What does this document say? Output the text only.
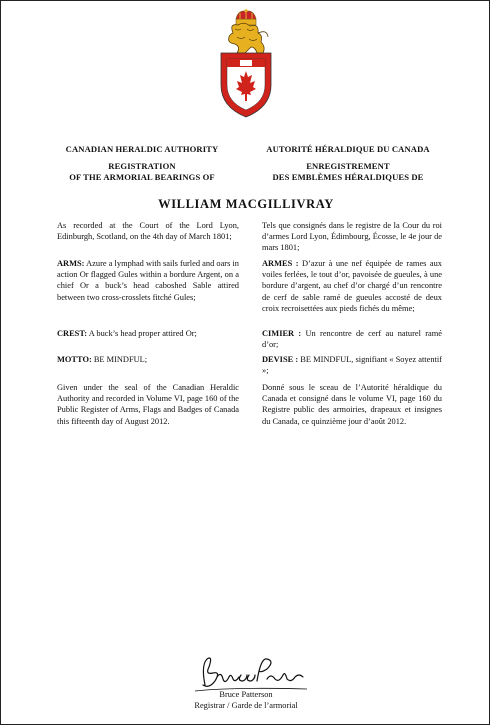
CANADIAN HERALDIC AUTHORITY
REGISTRATION
OF THE ARMORIAL BEARINGS OF
AUTORITÉ HÉRALDIQUE DU CANADA
ENREGISTREMENT
DES EMBLÈMES HÉRALDIQUES DE
WILLIAM MACGILLIVRAY
As recorded at the Court of the Lord Lyon, Edinburgh, Scotland, on the 4th day of March 1801;
ARMS: Azure a lymphad with sails furled and oars in action Or flagged Gules within a bordure Argent, on a chief Or a buck’s head caboshed Sable attired between two cross-crosslets fitché Gules;
CREST: A buck’s head proper attired Or;
MOTTO: BE MINDFUL;
Given under the seal of the Canadian Heraldic Authority and recorded in Volume VI, page 160 of the Public Register of Arms, Flags and Badges of Canada this fifteenth day of August 2012.
Tels que consignés dans le registre de la Cour du roi d’armes Lord Lyon, Édimbourg, Écosse, le 4e jour de mars 1801;
ARMES : D’azur à une nef équipée de rames aux voiles ferlées, le tout d’or, pavoisée de gueules, à une bordure d’argent, au chef d’or chargé d’un rencontre de cerf de sable ramé de gueules accosté de deux croix recroisettées aux pieds fichés du même;
CIMIER : Un rencontre de cerf au naturel ramé d’or;
DEVISE : BE MINDFUL, signifiant « Soyez attentif »;
Donné sous le sceau de l’Autorité héraldique du Canada et consigné dans le volume VI, page 160 du Registre public des armoiries, drapeaux et insignes du Canada, ce quinzième jour d’août 2012.
Bruce Patterson
Registrar / Garde de l’armorial
